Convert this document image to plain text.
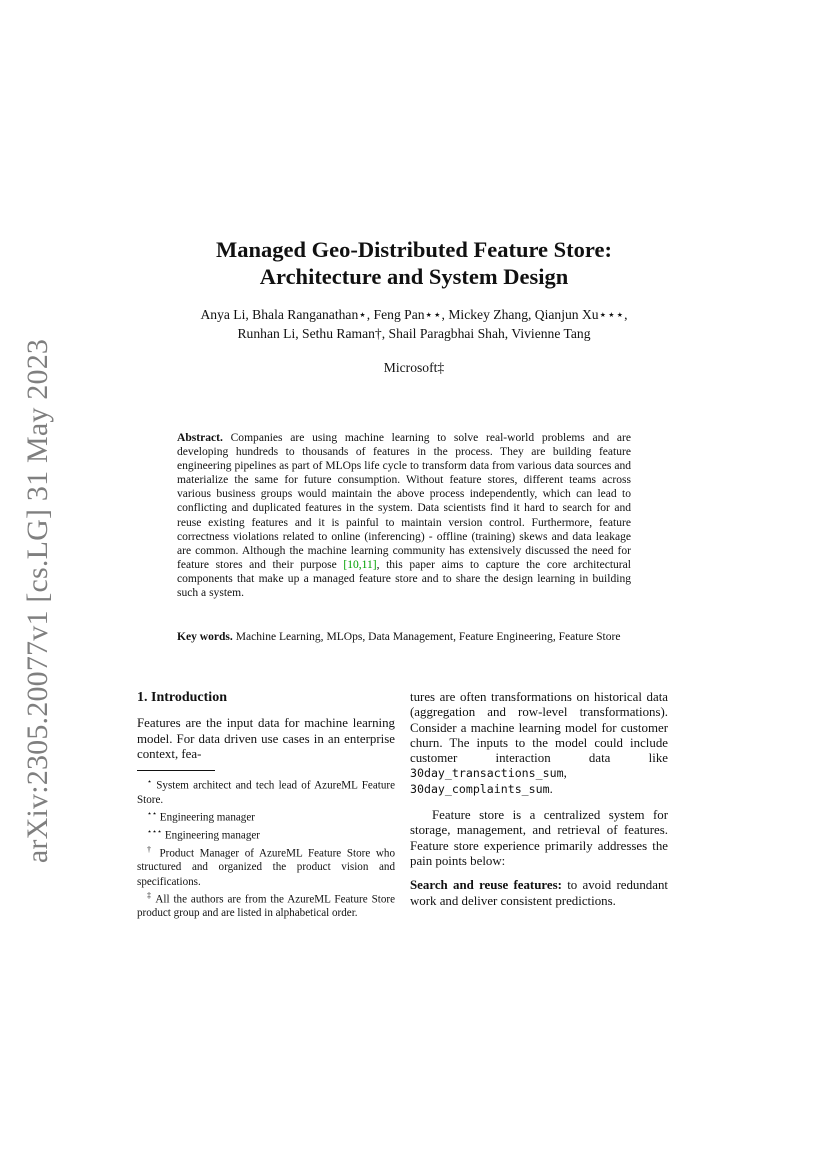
arXiv:2305.20077v1 [cs.LG] 31 May 2023
Managed Geo-Distributed Feature Store:
Architecture and System Design
Anya Li, Bhala Ranganathan⋆, Feng Pan⋆⋆, Mickey Zhang, Qianjun Xu⋆⋆⋆,
Runhan Li, Sethu Raman†, Shail Paragbhai Shah, Vivienne Tang
Microsoft‡
Abstract. Companies are using machine learning to solve real-world problems and are developing hundreds to thousands of features in the process. They are building feature engineering pipelines as part of MLOps life cycle to transform data from various data sources and materialize the same for future consumption. Without feature stores, different teams across various business groups would maintain the above process independently, which can lead to conflicting and duplicated features in the system. Data scientists find it hard to search for and reuse existing features and it is painful to maintain version control. Furthermore, feature correctness violations related to online (inferencing) - offline (training) skews and data leakage are common. Although the machine learning community has extensively discussed the need for feature stores and their purpose [10,11], this paper aims to capture the core architectural components that make up a managed feature store and to share the design learning in building such a system.
Key words. Machine Learning, MLOps, Data Management, Feature Engineering, Feature Store

1. Introduction

Features are the input data for machine learning model. For data driven use cases in an enterprise context, fea-

⋆ System architect and tech lead of AzureML Feature Store.

⋆⋆ Engineering manager

⋆⋆⋆ Engineering manager

† Product Manager of AzureML Feature Store who structured and organized the product vision and specifications.

‡ All the authors are from the AzureML Feature Store product group and are listed in alphabetical order.

tures are often transformations on historical data (aggregation and row-level transformations). Consider a machine learning model for customer churn. The inputs to the model could include customer interaction data like 30day_transactions_sum, 30day_complaints_sum.

Feature store is a centralized system for storage, management, and retrieval of features. Feature store experience primarily addresses the pain points below:

Search and reuse features: to avoid redundant work and deliver consistent predictions.
